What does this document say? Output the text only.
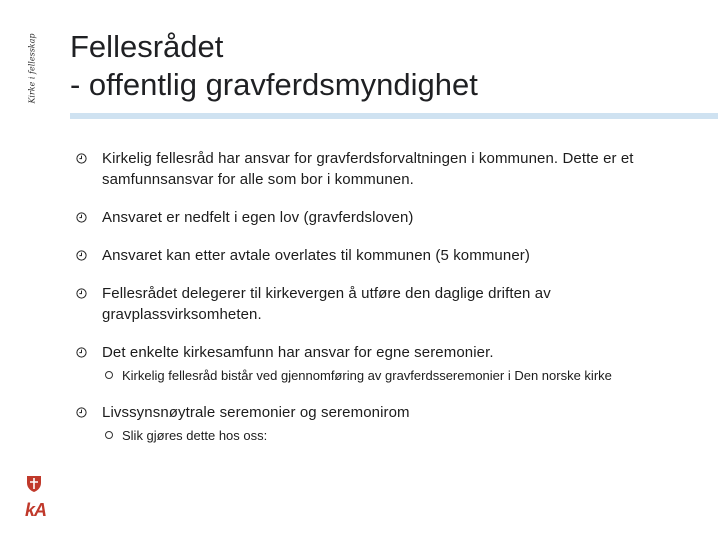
Kirke i fellesskap Fellesrådet
- offentlig gravferdsmyndighet
Kirkelig fellesråd har ansvar for gravferdsforvaltningen i kommunen. Dette er et samfunnsansvar for alle som bor i kommunen.
Ansvaret er nedfelt i egen lov (gravferdsloven)
Ansvaret kan etter avtale overlates til kommunen (5 kommuner)
Fellesrådet delegerer til kirkevergen å utføre den daglige driften av gravplassvirksomheten.
Det enkelte kirkesamfunn har ansvar for egne seremonier.
Kirkelig fellesråd bistår ved gjennomføring av gravferdsseremonier i Den norske kirke
Livssynsnøytrale seremonier og seremonirom
Slik gjøres dette hos oss:
kA
